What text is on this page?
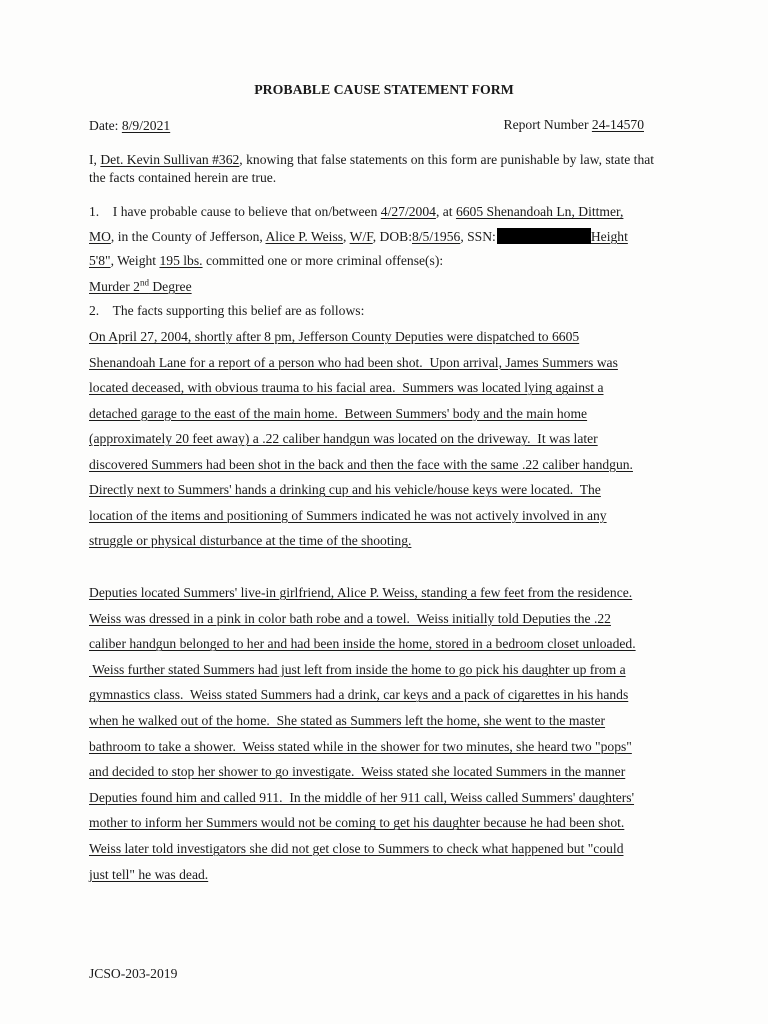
PROBABLE CAUSE STATEMENT FORM
Date: 8/9/2021	Report Number 24-14570
I, Det. Kevin Sullivan #362, knowing that false statements on this form are punishable by law, state that
the facts contained herein are true.
1. I have probable cause to believe that on/between 4/27/2004, at 6605 Shenandoah Ln, Dittmer,
MO, in the County of Jefferson, Alice P. Weiss, W/F, DOB:8/5/1956, SSN:	Height
5'8", Weight 195 lbs. committed one or more criminal offense(s):
Murder 2nd Degree
2. The facts supporting this belief are as follows:
On April 27, 2004, shortly after 8 pm, Jefferson County Deputies were dispatched to 6605
Shenandoah Lane for a report of a person who had been shot.  Upon arrival, James Summers was
located deceased, with obvious trauma to his facial area.  Summers was located lying against a
detached garage to the east of the main home.  Between Summers' body and the main home
(approximately 20 feet away) a .22 caliber handgun was located on the driveway.  It was later
discovered Summers had been shot in the back and then the face with the same .22 caliber handgun.
Directly next to Summers' hands a drinking cup and his vehicle/house keys were located.  The
location of the items and positioning of Summers indicated he was not actively involved in any
struggle or physical disturbance at the time of the shooting.
Deputies located Summers' live-in girlfriend, Alice P. Weiss, standing a few feet from the residence.
Weiss was dressed in a pink in color bath robe and a towel.  Weiss initially told Deputies the .22
caliber handgun belonged to her and had been inside the home, stored in a bedroom closet unloaded.
Weiss further stated Summers had just left from inside the home to go pick his daughter up from a
gymnastics class.  Weiss stated Summers had a drink, car keys and a pack of cigarettes in his hands
when he walked out of the home.  She stated as Summers left the home, she went to the master
bathroom to take a shower.  Weiss stated while in the shower for two minutes, she heard two "pops"
and decided to stop her shower to go investigate.  Weiss stated she located Summers in the manner
Deputies found him and called 911.  In the middle of her 911 call, Weiss called Summers' daughters'
mother to inform her Summers would not be coming to get his daughter because he had been shot.
Weiss later told investigators she did not get close to Summers to check what happened but "could
just tell" he was dead.
JCSO-203-2019
